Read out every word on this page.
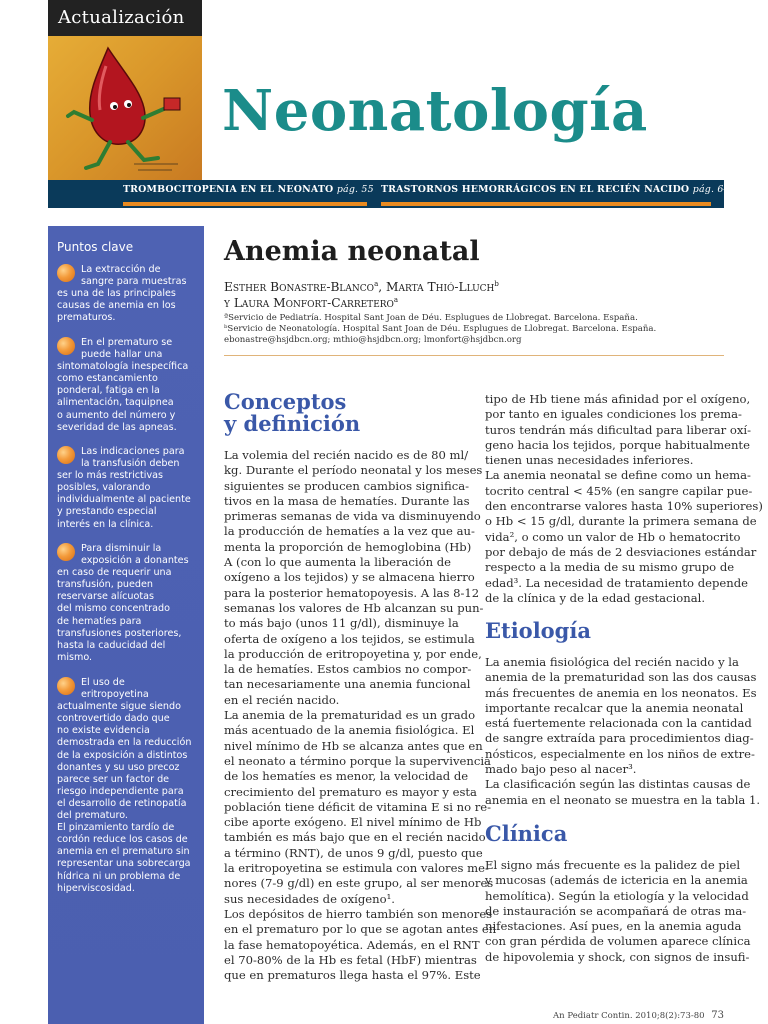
Actualización
Neonatología
TROMBOCITOPENIA EN EL NEONATO pág. 55 TRASTORNOS HEMORRÁGICOS EN EL RECIÉN NACIDO pág. 64
Puntos clave
La extracción de
sangre para muestras
es una de las principales
causas de anemia en los
prematuros.
En el prematuro se
puede hallar una
sintomatología inespecífica
como estancamiento
ponderal, fatiga en la
alimentación, taquipnea
o aumento del número y
severidad de las apneas.
Las indicaciones para
la transfusión deben
ser lo más restrictivas
posibles, valorando
individualmente al paciente
y prestando especial
interés en la clínica.
Para disminuir la
exposición a donantes
en caso de requerir una
transfusión, pueden
reservarse alícuotas
del mismo concentrado
de hematíes para
transfusiones posteriores,
hasta la caducidad del
mismo.
El uso de
eritropoyetina
actualmente sigue siendo
controvertido dado que
no existe evidencia
demostrada en la reducción
de la exposición a distintos
donantes y su uso precoz
parece ser un factor de
riesgo independiente para
el desarrollo de retinopatía
del prematuro.
El pinzamiento tardío de
cordón reduce los casos de
anemia en el prematuro sin
representar una sobrecarga
hídrica ni un problema de
hiperviscosidad.
Anemia neonatal
Esther Bonastre-Blanco$^a$, Marta Thió-Lluch$^b$
y Laura Monfort-Carretero$^a$
ªServicio de Pediatría. Hospital Sant Joan de Déu. Esplugues de Llobregat. Barcelona. España.
ᵇServicio de Neonatología. Hospital Sant Joan de Déu. Esplugues de Llobregat. Barcelona. España.
ebonastre@hsjdbcn.org; mthio@hsjdbcn.org; lmonfort@hsjdbcn.org
Conceptos
y definición
La volemia del recién nacido es de 80 ml/
kg. Durante el período neonatal y los meses
siguientes se producen cambios significa-
tivos en la masa de hematíes. Durante las
primeras semanas de vida va disminuyendo
la producción de hematíes a la vez que au-
menta la proporción de hemoglobina (Hb)
A (con lo que aumenta la liberación de
oxígeno a los tejidos) y se almacena hierro
para la posterior hematopoyesis. A las 8-12
semanas los valores de Hb alcanzan su pun-
to más bajo (unos 11 g/dl), disminuye la
oferta de oxígeno a los tejidos, se estimula
la producción de eritropoyetina y, por ende,
la de hematíes. Estos cambios no compor-
tan necesariamente una anemia funcional
en el recién nacido.
La anemia de la prematuridad es un grado
más acentuado de la anemia fisiológica. El
nivel mínimo de Hb se alcanza antes que en
el neonato a término porque la supervivencia
de los hematíes es menor, la velocidad de
crecimiento del prematuro es mayor y esta
población tiene déficit de vitamina E si no re-
cibe aporte exógeno. El nivel mínimo de Hb
también es más bajo que en el recién nacido
a término (RNT), de unos 9 g/dl, puesto que
la eritropoyetina se estimula con valores me-
nores (7-9 g/dl) en este grupo, al ser menores
sus necesidades de oxígeno¹.
Los depósitos de hierro también son menores
en el prematuro por lo que se agotan antes en
la fase hematopoyética. Además, en el RNT
el 70-80% de la Hb es fetal (HbF) mientras
que en prematuros llega hasta el 97%. Este
tipo de Hb tiene más afinidad por el oxígeno,
por tanto en iguales condiciones los prema-
turos tendrán más dificultad para liberar oxí-
geno hacia los tejidos, porque habitualmente
tienen unas necesidades inferiores.
La anemia neonatal se define como un hema-
tocrito central < 45% (en sangre capilar pue-
den encontrarse valores hasta 10% superiores)
o Hb < 15 g/dl, durante la primera semana de
vida², o como un valor de Hb o hematocrito
por debajo de más de 2 desviaciones estándar
respecto a la media de su mismo grupo de
edad³. La necesidad de tratamiento depende
de la clínica y de la edad gestacional.
Etiología
La anemia fisiológica del recién nacido y la
anemia de la prematuridad son las dos causas
más frecuentes de anemia en los neonatos. Es
importante recalcar que la anemia neonatal
está fuertemente relacionada con la cantidad
de sangre extraída para procedimientos diag-
nósticos, especialmente en los niños de extre-
mado bajo peso al nacer³.
La clasificación según las distintas causas de
anemia en el neonato se muestra en la tabla 1.
Clínica
El signo más frecuente es la palidez de piel
y mucosas (además de ictericia en la anemia
hemolítica). Según la etiología y la velocidad
de instauración se acompañará de otras ma-
nifestaciones. Así pues, en la anemia aguda
con gran pérdida de volumen aparece clínica
de hipovolemia y shock, con signos de insufi-
An Pediatr Contin. 2010;8(2):73-80 73
